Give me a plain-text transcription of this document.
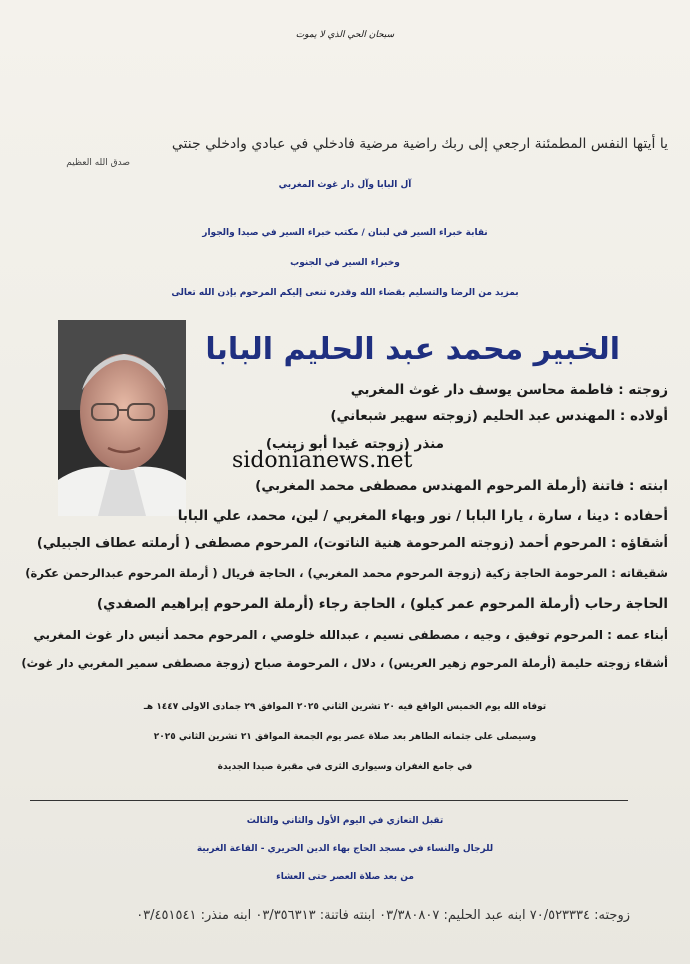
سبحان الحي الذي لا يموت
يا أيتها النفس المطمئنة ارجعي إلى ربك راضية مرضية فادخلي في عبادي وادخلي جنتي
صدق الله العظيم
آل البابا وآل دار غوث المغربي
نقابة خبراء السير في لبنان / مكتب خبراء السير في صيدا والجوار
وخبراء السير في الجنوب
بمزيد من الرضا والتسليم بقضاء الله وقدره تنعى إليكم المرحوم بإذن الله تعالى
الخبير محمد عبد الحليم البابا
زوجته : فاطمة محاسن يوسف دار غوث المغربي
أولاده : المهندس عبد الحليم (زوجته سهير شبعاني)
منذر (زوجته غيدا أبو زينب)
sidonianews.net
ابنته : فاتنة (أرملة المرحوم المهندس مصطفى محمد المغربي)
أحفاده : دينا ، سارة ، يارا البابا / نور وبهاء المغربي / لين، محمد، علي البابا
أشقاؤه : المرحوم أحمد (زوجته المرحومة هنية الناتوت)، المرحوم مصطفى ( أرملته عطاف الجبيلي)
شقيقاته : المرحومة الحاجة زكية (زوجة المرحوم محمد المغربي) ، الحاجة فريال ( أرملة المرحوم عبدالرحمن عكرة)
الحاجة رحاب (أرملة المرحوم عمر كيلو) ، الحاجة رجاء (أرملة المرحوم إبراهيم الصفدي)
أبناء عمه : المرحوم توفيق ، وجيه ، مصطفى نسيم ، عبدالله خلوصي ، المرحوم محمد أنيس دار غوث المغربي
أشقاء زوجته حليمة (أرملة المرحوم زهير العريس) ، دلال ، المرحومة صباح (زوجة مصطفى سمير المغربي دار غوث)
توفاه الله يوم الخميس الواقع فيه ٢٠ تشرين الثاني ٢٠٢٥ الموافق ٢٩ جمادى الاولى ١٤٤٧ هـ
وسيصلى على جثمانه الطاهر بعد صلاة عصر يوم الجمعة الموافق ٢١ تشرين الثاني ٢٠٢٥
في جامع الغفران وسيوارى الثرى في مقبرة صيدا الجديدة
تقبل التعازي في اليوم الأول والثاني والثالث
للرجال والنساء في مسجد الحاج بهاء الدين الحريري - القاعة الغربية
من بعد صلاة العصر حتى العشاء
زوجته: ٧٠/٥٢٣٣٣٤ ابنه عبد الحليم: ٠٣/٣٨٠٨٠٧ ابنته فاتنة: ٠٣/٣٥٦٣١٣ ابنه منذر: ٠٣/٤٥١٥٤١
